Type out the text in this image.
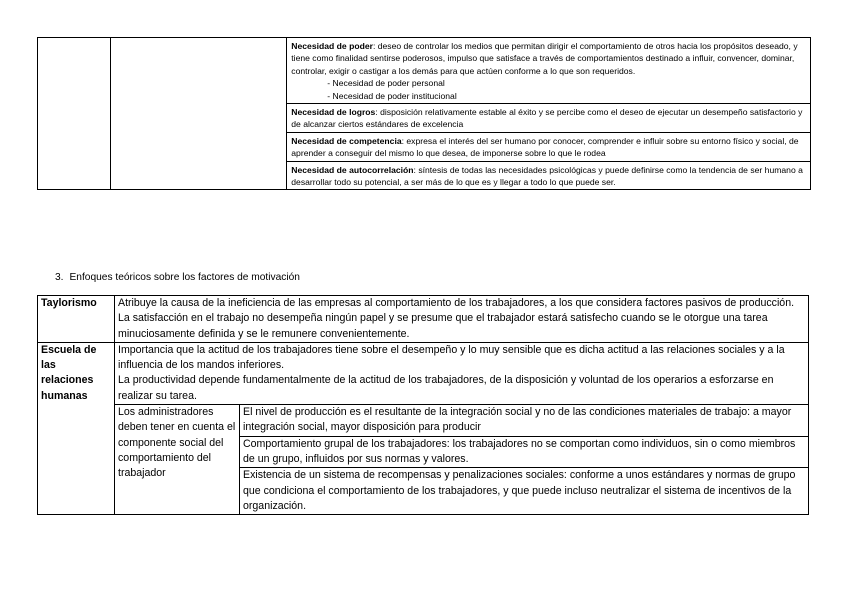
		Necesidad de poder: deseo de controlar los medios que permitan dirigir el comportamiento de otros hacia los propósitos deseado, y tiene como finalidad sentirse poderosos, impulso que satisface a través de comportamientos destinado a influir, convencer, dominar, controlar, exigir o castigar a los demás para que actúen conforme a lo que son requeridos.
- Necesidad de poder personal
- Necesidad de poder institucional

Necesidad de logros: disposición relativamente estable al éxito y se percibe como el deseo de ejecutar un desempeño satisfactorio y de alcanzar ciertos estándares de excelencia
Necesidad de competencia: expresa el interés del ser humano por conocer, comprender e influir sobre su entorno físico y social, de aprender a conseguir del mismo lo que desea, de imponerse sobre lo que le rodea
Necesidad de autocorrelación: síntesis de todas las necesidades psicológicas y puede definirse como la tendencia de ser humano a desarrollar todo su potencial, a ser más de lo que es y llegar a todo lo que puede ser.
3. Enfoques teóricos sobre los factores de motivación
Taylorismo	Atribuye la causa de la ineficiencia de las empresas al comportamiento de los trabajadores, a los que considera factores pasivos de producción.
La satisfacción en el trabajo no desempeña ningún papel y se presume que el trabajador estará satisfecho cuando se le otorgue una tarea minuciosamente definida y se le remunere convenientemente.	

Escuela de las relaciones humanas	Importancia que la actitud de los trabajadores tiene sobre el desempeño y lo muy sensible que es dicha actitud a las relaciones sociales y a la influencia de los mandos inferiores.
La productividad depende fundamentalmente de la actitud de los trabajadores, de la disposición y voluntad de los operarios a esforzarse en realizar su tarea.	

	Los administradores deben tener en cuenta el componente social del comportamiento del trabajador	El nivel de producción es el resultante de la integración social y no de las condiciones materiales de trabajo: a mayor integración social, mayor disposición para producir
		Comportamiento grupal de los trabajadores: los trabajadores no se comportan como individuos, sin o como miembros de un grupo, influidos por sus normas y valores.
		Existencia de un sistema de recompensas y penalizaciones sociales: conforme a unos estándares y normas de grupo que condiciona el comportamiento de los trabajadores, y que puede incluso neutralizar el sistema de incentivos de la organización.
